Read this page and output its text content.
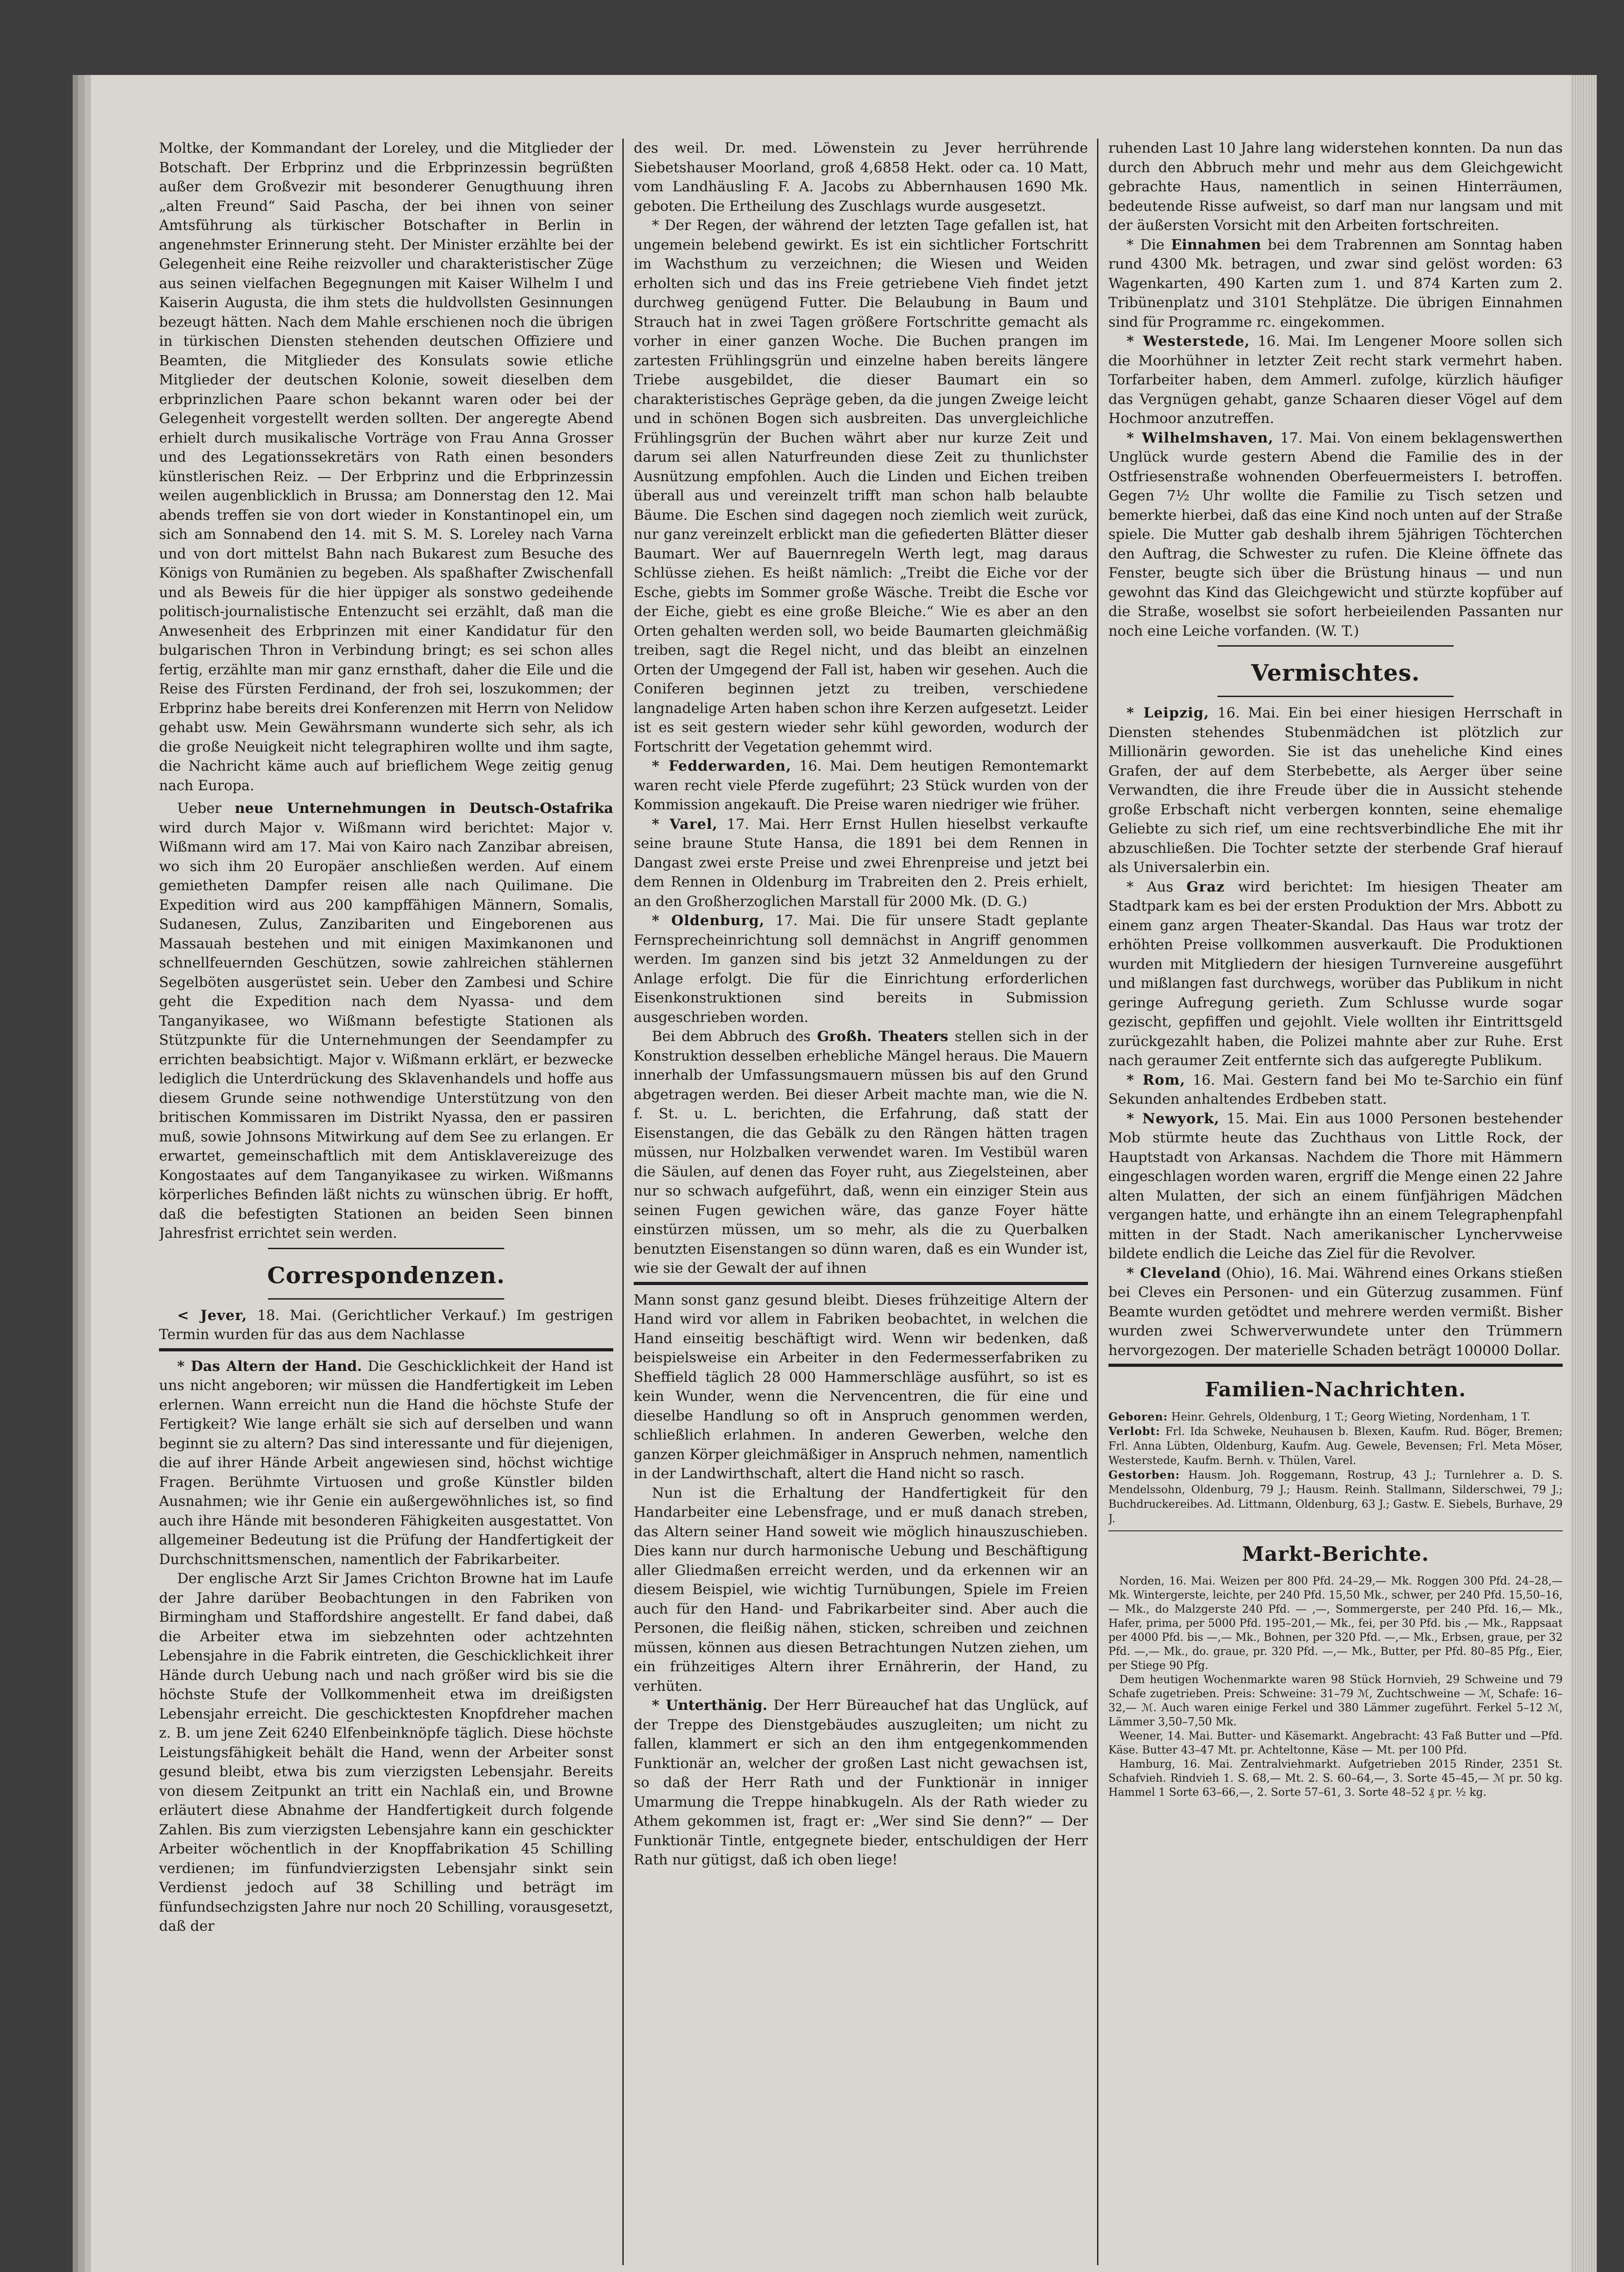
Moltke, der Kommandant der Loreley, und die Mitglieder der Botschaft. Der Erbprinz und die Erbprinzessin begrüßten außer dem Großvezir mit besonderer Genugthuung ihren „alten Freund“ Said Pascha, der bei ihnen von seiner Amtsführung als türkischer Botschafter in Berlin in angenehmster Erinnerung steht. Der Minister erzählte bei der Gelegenheit eine Reihe reizvoller und charakteristischer Züge aus seinen vielfachen Begegnungen mit Kaiser Wilhelm I und Kaiserin Augusta, die ihm stets die huldvollsten Gesinnungen bezeugt hätten. Nach dem Mahle erschienen noch die übrigen in türkischen Diensten stehenden deutschen Offiziere und Beamten, die Mitglieder des Konsulats sowie etliche Mitglieder der deutschen Kolonie, soweit dieselben dem erbprinzlichen Paare schon bekannt waren oder bei der Gelegenheit vorgestellt werden sollten. Der angeregte Abend erhielt durch musikalische Vorträge von Frau Anna Grosser und des Legationssekretärs von Rath einen besonders künstlerischen Reiz. — Der Erbprinz und die Erbprinzessin weilen augenblicklich in Brussa; am Donnerstag den 12. Mai abends treffen sie von dort wieder in Konstantinopel ein, um sich am Sonnabend den 14. mit S. M. S. Loreley nach Varna und von dort mittelst Bahn nach Bukarest zum Besuche des Königs von Rumänien zu begeben. Als spaßhafter Zwischenfall und als Beweis für die hier üppiger als sonstwo gedeihende politisch-journalistische Entenzucht sei erzählt, daß man die Anwesenheit des Erbprinzen mit einer Kandidatur für den bulgarischen Thron in Verbindung bringt; es sei schon alles fertig, erzählte man mir ganz ernsthaft, daher die Eile und die Reise des Fürsten Ferdinand, der froh sei, loszukommen; der Erbprinz habe bereits drei Konferenzen mit Herrn von Nelidow gehabt usw. Mein Gewährsmann wunderte sich sehr, als ich die große Neuigkeit nicht telegraphiren wollte und ihm sagte, die Nachricht käme auch auf brieflichem Wege zeitig genug nach Europa.

Ueber neue Unternehmungen in Deutsch-Ostafrika wird durch Major v. Wißmann wird berichtet: Major v. Wißmann wird am 17. Mai von Kairo nach Zanzibar abreisen, wo sich ihm 20 Europäer anschließen werden. Auf einem gemietheten Dampfer reisen alle nach Quilimane. Die Expedition wird aus 200 kampffähigen Männern, Somalis, Sudanesen, Zulus, Zanzibariten und Eingeborenen aus Massauah bestehen und mit einigen Maximkanonen und schnellfeuernden Geschützen, sowie zahlreichen stählernen Segelböten ausgerüstet sein. Ueber den Zambesi und Schire geht die Expedition nach dem Nyassa- und dem Tanganyikasee, wo Wißmann befestigte Stationen als Stützpunkte für die Unternehmungen der Seendampfer zu errichten beabsichtigt. Major v. Wißmann erklärt, er bezwecke lediglich die Unterdrückung des Sklavenhandels und hoffe aus diesem Grunde seine nothwendige Unterstützung von den britischen Kommissaren im Distrikt Nyassa, den er passiren muß, sowie Johnsons Mitwirkung auf dem See zu erlangen. Er erwartet, gemeinschaftlich mit dem Antisklavereizuge des Kongostaates auf dem Tanganyikasee zu wirken. Wißmanns körperliches Befinden läßt nichts zu wünschen übrig. Er hofft, daß die befestigten Stationen an beiden Seen binnen Jahresfrist errichtet sein werden.

Correspondenzen.

< Jever, 18. Mai. (Gerichtlicher Verkauf.) Im gestrigen Termin wurden für das aus dem Nachlasse

* Das Altern der Hand. Die Geschicklichkeit der Hand ist uns nicht angeboren; wir müssen die Handfertigkeit im Leben erlernen. Wann erreicht nun die Hand die höchste Stufe der Fertigkeit? Wie lange erhält sie sich auf derselben und wann beginnt sie zu altern? Das sind interessante und für diejenigen, die auf ihrer Hände Arbeit angewiesen sind, höchst wichtige Fragen. Berühmte Virtuosen und große Künstler bilden Ausnahmen; wie ihr Genie ein außergewöhnliches ist, so find auch ihre Hände mit besonderen Fähigkeiten ausgestattet. Von allgemeiner Bedeutung ist die Prüfung der Handfertigkeit der Durchschnittsmenschen, namentlich der Fabrikarbeiter.

Der englische Arzt Sir James Crichton Browne hat im Laufe der Jahre darüber Beobachtungen in den Fabriken von Birmingham und Staffordshire angestellt. Er fand dabei, daß die Arbeiter etwa im siebzehnten oder achtzehnten Lebensjahre in die Fabrik eintreten, die Geschicklichkeit ihrer Hände durch Uebung nach und nach größer wird bis sie die höchste Stufe der Vollkommenheit etwa im dreißigsten Lebensjahr erreicht. Die geschicktesten Knopfdreher machen z. B. um jene Zeit 6240 Elfenbeinknöpfe täglich. Diese höchste Leistungsfähigkeit behält die Hand, wenn der Arbeiter sonst gesund bleibt, etwa bis zum vierzigsten Lebensjahr. Bereits von diesem Zeitpunkt an tritt ein Nachlaß ein, und Browne erläutert diese Abnahme der Handfertigkeit durch folgende Zahlen. Bis zum vierzigsten Lebensjahre kann ein geschickter Arbeiter wöchentlich in der Knopffabrikation 45 Schilling verdienen; im fünfundvierzigsten Lebensjahr sinkt sein Verdienst jedoch auf 38 Schilling und beträgt im fünfundsechzigsten Jahre nur noch 20 Schilling, vorausgesetzt, daß der

des weil. Dr. med. Löwenstein zu Jever herrührende Siebetshauser Moorland, groß 4,6858 Hekt. oder ca. 10 Matt, vom Landhäusling F. A. Jacobs zu Abbernhausen 1690 Mk. geboten. Die Ertheilung des Zuschlags wurde ausgesetzt.

* Der Regen, der während der letzten Tage gefallen ist, hat ungemein belebend gewirkt. Es ist ein sichtlicher Fortschritt im Wachsthum zu verzeichnen; die Wiesen und Weiden erholten sich und das ins Freie getriebene Vieh findet jetzt durchweg genügend Futter. Die Belaubung in Baum und Strauch hat in zwei Tagen größere Fortschritte gemacht als vorher in einer ganzen Woche. Die Buchen prangen im zartesten Frühlingsgrün und einzelne haben bereits längere Triebe ausgebildet, die dieser Baumart ein so charakteristisches Gepräge geben, da die jungen Zweige leicht und in schönen Bogen sich ausbreiten. Das unvergleichliche Frühlingsgrün der Buchen währt aber nur kurze Zeit und darum sei allen Naturfreunden diese Zeit zu thunlichster Ausnützung empfohlen. Auch die Linden und Eichen treiben überall aus und vereinzelt trifft man schon halb belaubte Bäume. Die Eschen sind dagegen noch ziemlich weit zurück, nur ganz vereinzelt erblickt man die gefiederten Blätter dieser Baumart. Wer auf Bauernregeln Werth legt, mag daraus Schlüsse ziehen. Es heißt nämlich: „Treibt die Eiche vor der Esche, giebts im Sommer große Wäsche. Treibt die Esche vor der Eiche, giebt es eine große Bleiche.“ Wie es aber an den Orten gehalten werden soll, wo beide Baumarten gleichmäßig treiben, sagt die Regel nicht, und das bleibt an einzelnen Orten der Umgegend der Fall ist, haben wir gesehen. Auch die Coniferen beginnen jetzt zu treiben, verschiedene langnadelige Arten haben schon ihre Kerzen aufgesetzt. Leider ist es seit gestern wieder sehr kühl geworden, wodurch der Fortschritt der Vegetation gehemmt wird.

* Fedderwarden, 16. Mai. Dem heutigen Remontemarkt waren recht viele Pferde zugeführt; 23 Stück wurden von der Kommission angekauft. Die Preise waren niedriger wie früher.

* Varel, 17. Mai. Herr Ernst Hullen hieselbst verkaufte seine braune Stute Hansa, die 1891 bei dem Rennen in Dangast zwei erste Preise und zwei Ehrenpreise und jetzt bei dem Rennen in Oldenburg im Trabreiten den 2. Preis erhielt, an den Großherzoglichen Marstall für 2000 Mk. (D. G.)

* Oldenburg, 17. Mai. Die für unsere Stadt geplante Fernsprecheinrichtung soll demnächst in Angriff genommen werden. Im ganzen sind bis jetzt 32 Anmeldungen zu der Anlage erfolgt. Die für die Einrichtung erforderlichen Eisenkonstruktionen sind bereits in Submission ausgeschrieben worden.

Bei dem Abbruch des Großh. Theaters stellen sich in der Konstruktion desselben erhebliche Mängel heraus. Die Mauern innerhalb der Umfassungsmauern müssen bis auf den Grund abgetragen werden. Bei dieser Arbeit machte man, wie die N. f. St. u. L. berichten, die Erfahrung, daß statt der Eisenstangen, die das Gebälk zu den Rängen hätten tragen müssen, nur Holzbalken verwendet waren. Im Vestibül waren die Säulen, auf denen das Foyer ruht, aus Ziegelsteinen, aber nur so schwach aufgeführt, daß, wenn ein einziger Stein aus seinen Fugen gewichen wäre, das ganze Foyer hätte einstürzen müssen, um so mehr, als die zu Querbalken benutzten Eisenstangen so dünn waren, daß es ein Wunder ist, wie sie der Gewalt der auf ihnen

Mann sonst ganz gesund bleibt. Dieses frühzeitige Altern der Hand wird vor allem in Fabriken beobachtet, in welchen die Hand einseitig beschäftigt wird. Wenn wir bedenken, daß beispielsweise ein Arbeiter in den Federmesserfabriken zu Sheffield täglich 28 000 Hammerschläge ausführt, so ist es kein Wunder, wenn die Nervencentren, die für eine und dieselbe Handlung so oft in Anspruch genommen werden, schließlich erlahmen. In anderen Gewerben, welche den ganzen Körper gleichmäßiger in Anspruch nehmen, namentlich in der Landwirthschaft, altert die Hand nicht so rasch.

Nun ist die Erhaltung der Handfertigkeit für den Handarbeiter eine Lebensfrage, und er muß danach streben, das Altern seiner Hand soweit wie möglich hinauszuschieben. Dies kann nur durch harmonische Uebung und Beschäftigung aller Gliedmaßen erreicht werden, und da erkennen wir an diesem Beispiel, wie wichtig Turnübungen, Spiele im Freien auch für den Hand- und Fabrikarbeiter sind. Aber auch die Personen, die fleißig nähen, sticken, schreiben und zeichnen müssen, können aus diesen Betrachtungen Nutzen ziehen, um ein frühzeitiges Altern ihrer Ernährerin, der Hand, zu verhüten.

* Unterthänig. Der Herr Büreauchef hat das Unglück, auf der Treppe des Dienstgebäudes auszugleiten; um nicht zu fallen, klammert er sich an den ihm entgegenkommenden Funktionär an, welcher der großen Last nicht gewachsen ist, so daß der Herr Rath und der Funktionär in inniger Umarmung die Treppe hinabkugeln. Als der Rath wieder zu Athem gekommen ist, fragt er: „Wer sind Sie denn?“ — Der Funktionär Tintle, entgegnete bieder, entschuldigen der Herr Rath nur gütigst, daß ich oben liege!

ruhenden Last 10 Jahre lang widerstehen konnten. Da nun das durch den Abbruch mehr und mehr aus dem Gleichgewicht gebrachte Haus, namentlich in seinen Hinterräumen, bedeutende Risse aufweist, so darf man nur langsam und mit der äußersten Vorsicht mit den Arbeiten fortschreiten.

* Die Einnahmen bei dem Trabrennen am Sonntag haben rund 4300 Mk. betragen, und zwar sind gelöst worden: 63 Wagenkarten, 490 Karten zum 1. und 874 Karten zum 2. Tribünenplatz und 3101 Stehplätze. Die übrigen Einnahmen sind für Programme rc. eingekommen.

* Westerstede, 16. Mai. Im Lengener Moore sollen sich die Moorhühner in letzter Zeit recht stark vermehrt haben. Torfarbeiter haben, dem Ammerl. zufolge, kürzlich häufiger das Vergnügen gehabt, ganze Schaaren dieser Vögel auf dem Hochmoor anzutreffen.

* Wilhelmshaven, 17. Mai. Von einem beklagenswerthen Unglück wurde gestern Abend die Familie des in der Ostfriesenstraße wohnenden Oberfeuermeisters I. betroffen. Gegen 7½ Uhr wollte die Familie zu Tisch setzen und bemerkte hierbei, daß das eine Kind noch unten auf der Straße spiele. Die Mutter gab deshalb ihrem 5jährigen Töchterchen den Auftrag, die Schwester zu rufen. Die Kleine öffnete das Fenster, beugte sich über die Brüstung hinaus — und nun gewohnt das Kind das Gleichgewicht und stürzte kopfüber auf die Straße, woselbst sie sofort herbeieilenden Passanten nur noch eine Leiche vorfanden. (W. T.)

Vermischtes.

* Leipzig, 16. Mai. Ein bei einer hiesigen Herrschaft in Diensten stehendes Stubenmädchen ist plötzlich zur Millionärin geworden. Sie ist das uneheliche Kind eines Grafen, der auf dem Sterbebette, als Aerger über seine Verwandten, die ihre Freude über die in Aussicht stehende große Erbschaft nicht verbergen konnten, seine ehemalige Geliebte zu sich rief, um eine rechtsverbindliche Ehe mit ihr abzuschließen. Die Tochter setzte der sterbende Graf hierauf als Universalerbin ein.

* Aus Graz wird berichtet: Im hiesigen Theater am Stadtpark kam es bei der ersten Produktion der Mrs. Abbott zu einem ganz argen Theater-Skandal. Das Haus war trotz der erhöhten Preise vollkommen ausverkauft. Die Produktionen wurden mit Mitgliedern der hiesigen Turnvereine ausgeführt und mißlangen fast durchwegs, worüber das Publikum in nicht geringe Aufregung gerieth. Zum Schlusse wurde sogar gezischt, gepfiffen und gejohlt. Viele wollten ihr Eintrittsgeld zurückgezahlt haben, die Polizei mahnte aber zur Ruhe. Erst nach geraumer Zeit entfernte sich das aufgeregte Publikum.

* Rom, 16. Mai. Gestern fand bei Mo te-Sarchio ein fünf Sekunden anhaltendes Erdbeben statt.

* Newyork, 15. Mai. Ein aus 1000 Personen bestehender Mob stürmte heute das Zuchthaus von Little Rock, der Hauptstadt von Arkansas. Nachdem die Thore mit Hämmern eingeschlagen worden waren, ergriff die Menge einen 22 Jahre alten Mulatten, der sich an einem fünfjährigen Mädchen vergangen hatte, und erhängte ihn an einem Telegraphenpfahl mitten in der Stadt. Nach amerikanischer Lynchervweise bildete endlich die Leiche das Ziel für die Revolver.

* Cleveland (Ohio), 16. Mai. Während eines Orkans stießen bei Cleves ein Personen- und ein Güterzug zusammen. Fünf Beamte wurden getödtet und mehrere werden vermißt. Bisher wurden zwei Schwerverwundete unter den Trümmern hervorgezogen. Der materielle Schaden beträgt 100000 Dollar.

Familien-Nachrichten.

Geboren: Heinr. Gehrels, Oldenburg, 1 T.; Georg Wieting, Nordenham, 1 T.

Verlobt: Frl. Ida Schweke, Neuhausen b. Blexen, Kaufm. Rud. Böger, Bremen; Frl. Anna Lübten, Oldenburg, Kaufm. Aug. Gewele, Bevensen; Frl. Meta Möser, Westerstede, Kaufm. Bernh. v. Thülen, Varel.

Gestorben: Hausm. Joh. Roggemann, Rostrup, 43 J.; Turnlehrer a. D. S. Mendelssohn, Oldenburg, 79 J.; Hausm. Reinh. Stallmann, Silderschwei, 79 J.; Buchdruckereibes. Ad. Littmann, Oldenburg, 63 J.; Gastw. E. Siebels, Burhave, 29 J.

Markt-Berichte.

Norden, 16. Mai. Weizen per 800 Pfd. 24–29,— Mk. Roggen 300 Pfd. 24–28,— Mk. Wintergerste, leichte, per 240 Pfd. 15,50 Mk., schwer, per 240 Pfd. 15,50–16,— Mk., do Malzgerste 240 Pfd. — ,—, Sommergerste, per 240 Pfd. 16,— Mk., Hafer, prima, per 5000 Pfd. 195–201,— Mk., fei, per 30 Pfd. bis ,— Mk., Rappsaat per 4000 Pfd. bis —,— Mk., Bohnen, per 320 Pfd. —,— Mk., Erbsen, graue, per 32 Pfd. —,— Mk., do. graue, pr. 320 Pfd. —,— Mk., Butter, per Pfd. 80–85 Pfg., Eier, per Stiege 90 Pfg.

Dem heutigen Wochenmarkte waren 98 Stück Hornvieh, 29 Schweine und 79 Schafe zugetrieben. Preis: Schweine: 31–79 ℳ, Zuchtschweine — ℳ, Schafe: 16–32,— ℳ. Auch waren einige Ferkel und 380 Lämmer zugeführt. Ferkel 5–12 ℳ, Lämmer 3,50–7,50 Mk.

Weener, 14. Mai. Butter- und Käsemarkt. Angebracht: 43 Faß Butter und —Pfd. Käse. Butter 43–47 Mt. pr. Achteltonne, Käse — Mt. per 100 Pfd.

Hamburg, 16. Mai. Zentralviehmarkt. Aufgetrieben 2015 Rinder, 2351 St. Schafvieh. Rindvieh 1. S. 68,— Mt. 2. S. 60–64,—, 3. Sorte 45–45,— ℳ pr. 50 kg. Hammel 1 Sorte 63–66,—, 2. Sorte 57–61, 3. Sorte 48–52 ₰ pr. ½ kg.
